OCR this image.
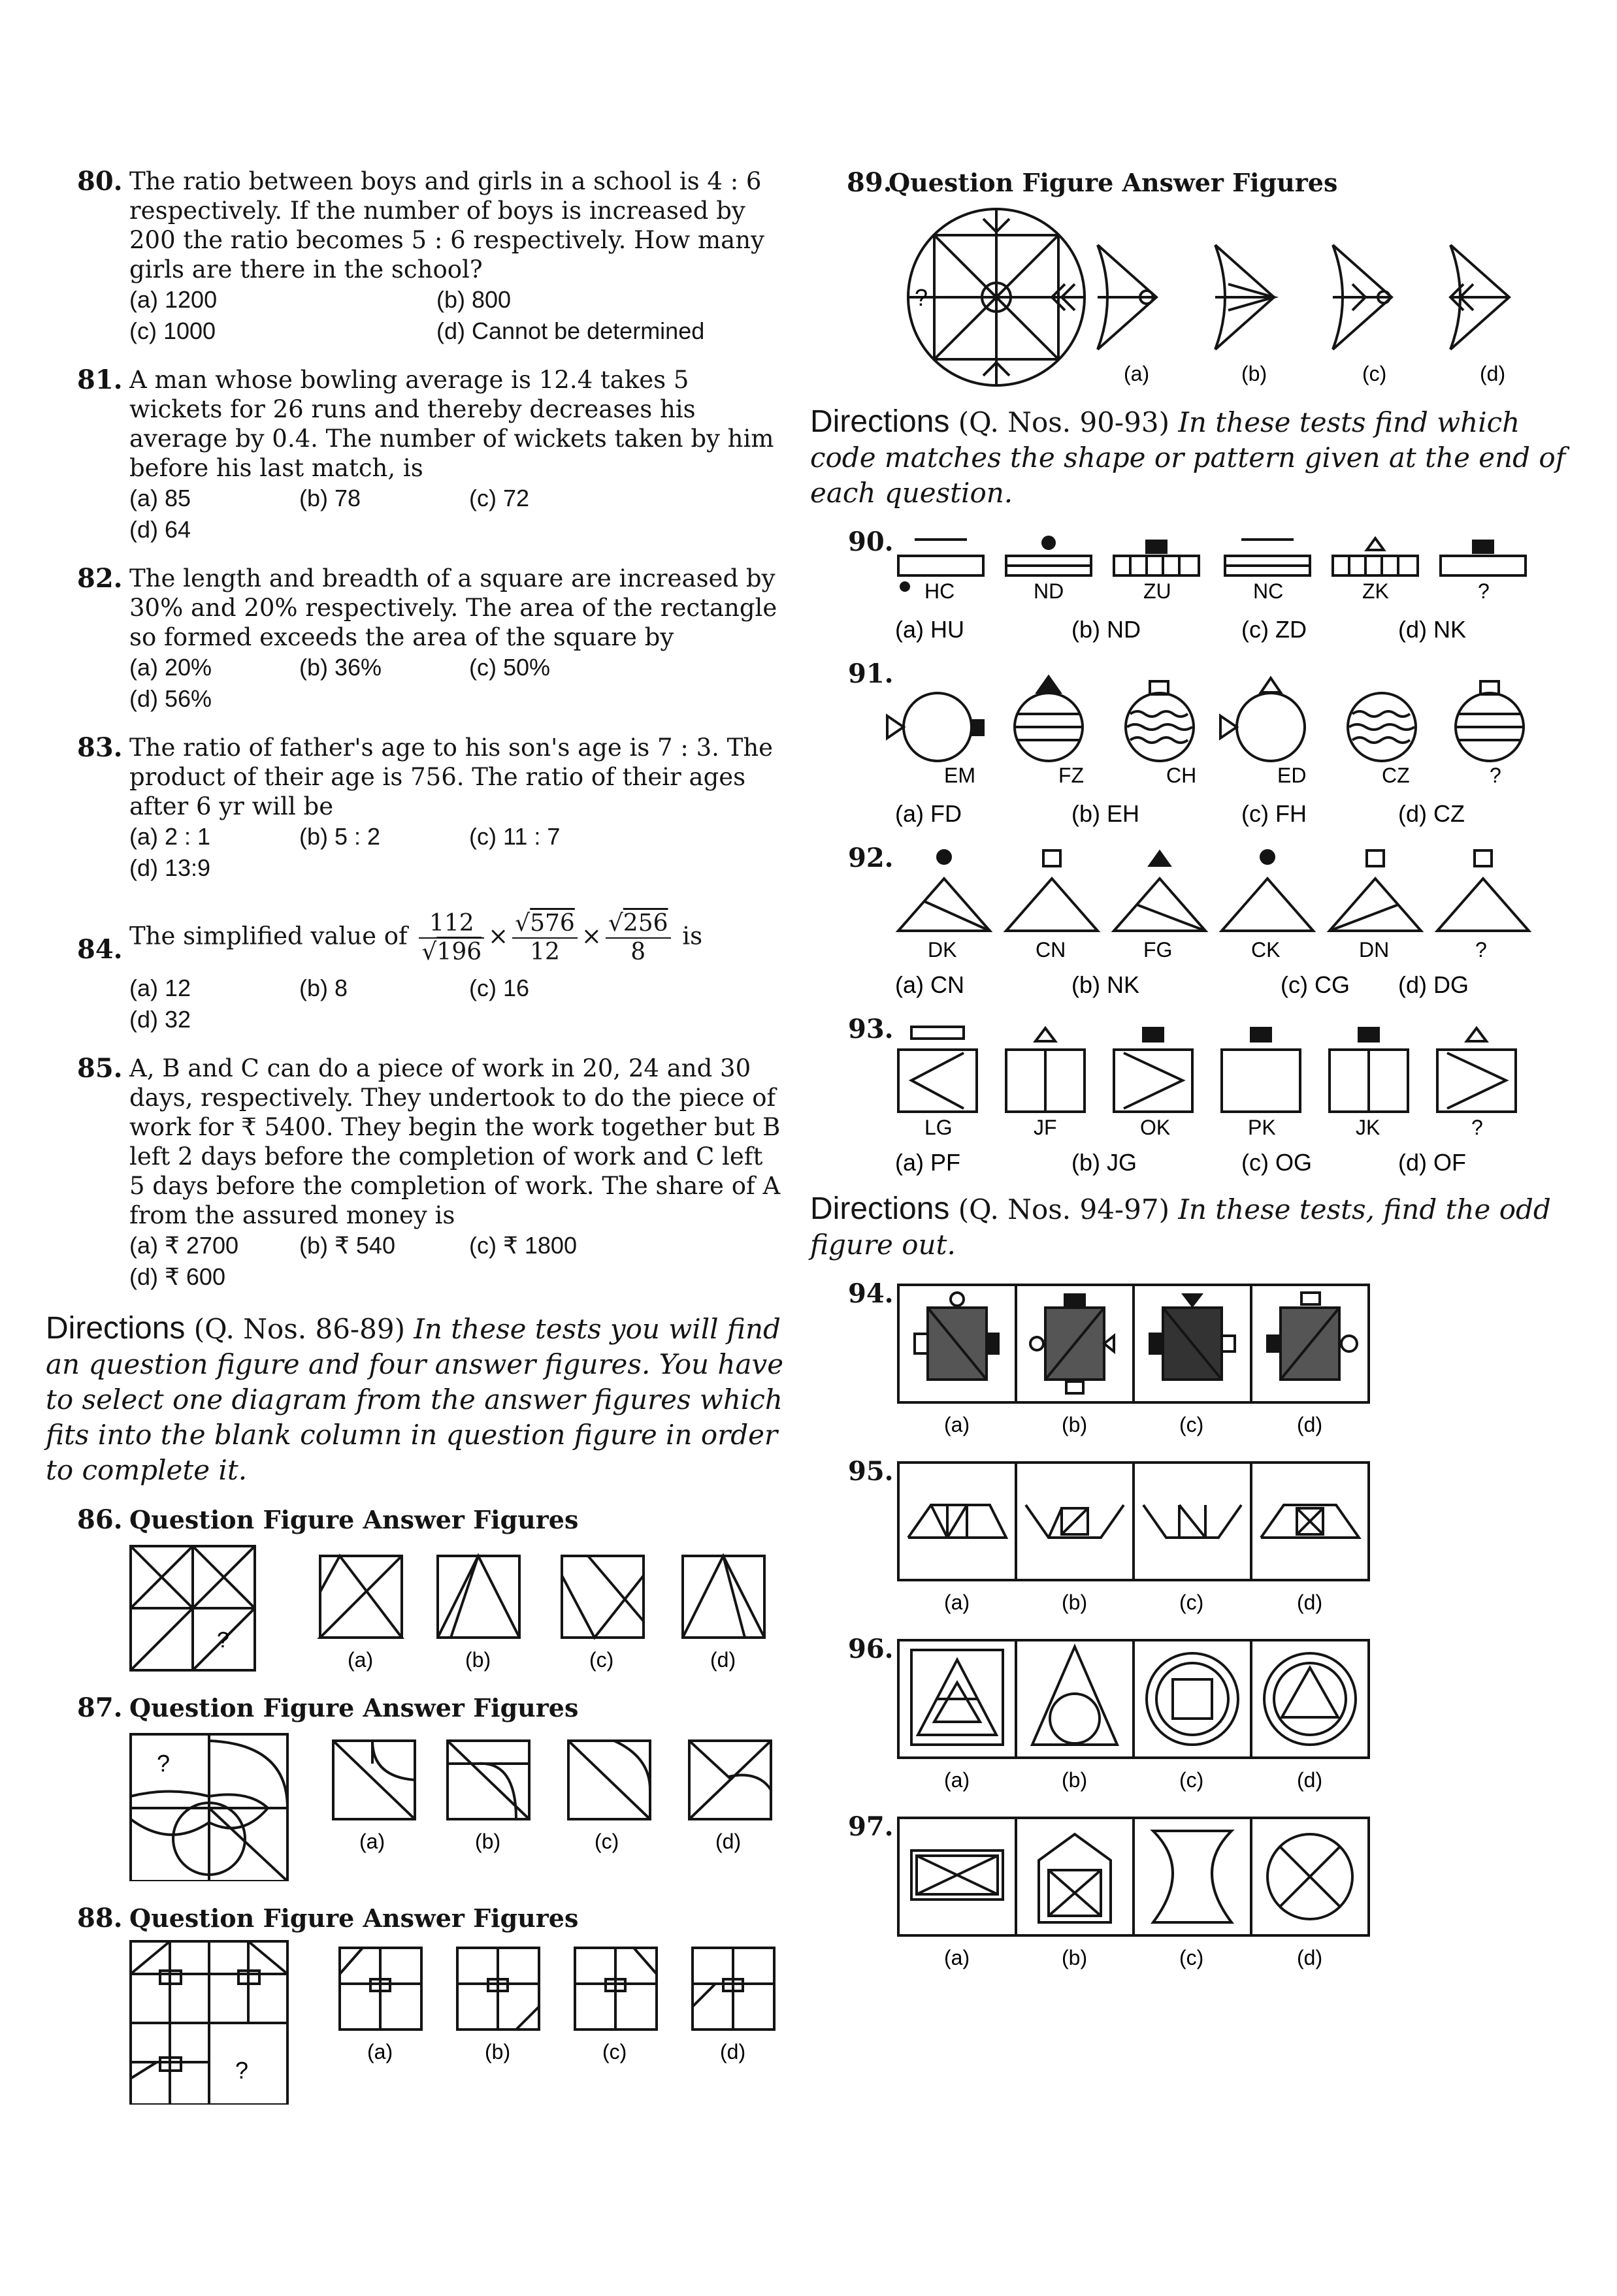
80. The ratio between boys and girls in a school is 4 : 6 respectively. If the number of boys is increased by 200 the ratio becomes 5 : 6 respectively. How many girls are there in the school?
(a) 1200	(b) 800
(c) 1000	(d) Cannot be determined
81. A man whose bowling average is 12.4 takes 5 wickets for 26 runs and thereby decreases his average by 0.4. The number of wickets taken by him before his last match, is
(a) 85	(b) 78	(c) 72(d) 64
82. The length and breadth of a square are increased by 30% and 20% respectively. The area of the rectangle so formed exceeds the area of the square by
(a) 20%	(b) 36%	(c) 50%(d) 56%
83. The ratio of father's age to his son's age is 7 : 3. The product of their age is 756. The ratio of their ages after 6 yr will be
(a) 2 : 1	(b) 5 : 2	(c) 11 : 7(d) 13:9
84. The simplified value of $\frac{112}{√196} \times \frac{√576}{12} \times \frac{√256}{8}$ is
(a) 12	(b) 8	(c) 16(d) 32
85. A, B and C can do a piece of work in 20, 24 and 30 days, respectively. They undertook to do the piece of work for ₹ 5400. They begin the work together but B left 2 days before the completion of work and C left 5 days before the completion of work. The share of A from the assured money is
(a) ₹ 2700	(b) ₹ 540	(c) ₹ 1800(d) ₹ 600
Directions (Q. Nos. 86-89) In these tests you will find an question figure and four answer figures. You have to select one diagram from the answer figures which fits into the blank column in question figure in order to complete it.
86. Question Figure Answer Figures
?
(a)	(b)	(c)	(d)
87. Question Figure Answer Figures
?
(a)	(b)	(c)	(d)
88. Question Figure Answer Figures
?
(a)	(b)	(c)	(d)
89.
Question Figure Answer Figures
?
(a)	(b)	(c)	(d)
Directions (Q. Nos. 90-93) In these tests find which code matches the shape or pattern given at the end of each question.
90.
HC	ND	ZU	NC	ZK	?
(a) HU	(b) ND	(c) ZD	(d) NK
91.
EM	FZ	CH	ED	CZ	?
(a) FD	(b) EH	(c) FH	(d) CZ
92.
DK	CN	FG	CK	DN	?
(a) CN	(b) NK	(c) CG (d) DG
93.
LG	JF	OK	PK	JK	?
(a) PF	(b) JG	(c) OG	(d) OF
Directions (Q. Nos. 94-97) In these tests, find the odd figure out.
94.
(a)	(b)	(c)	(d)
95.
(a)	(b)	(c)	(d)
96.
(a)	(b)	(c)	(d)
97.
(a)	(b)	(c)	(d)
